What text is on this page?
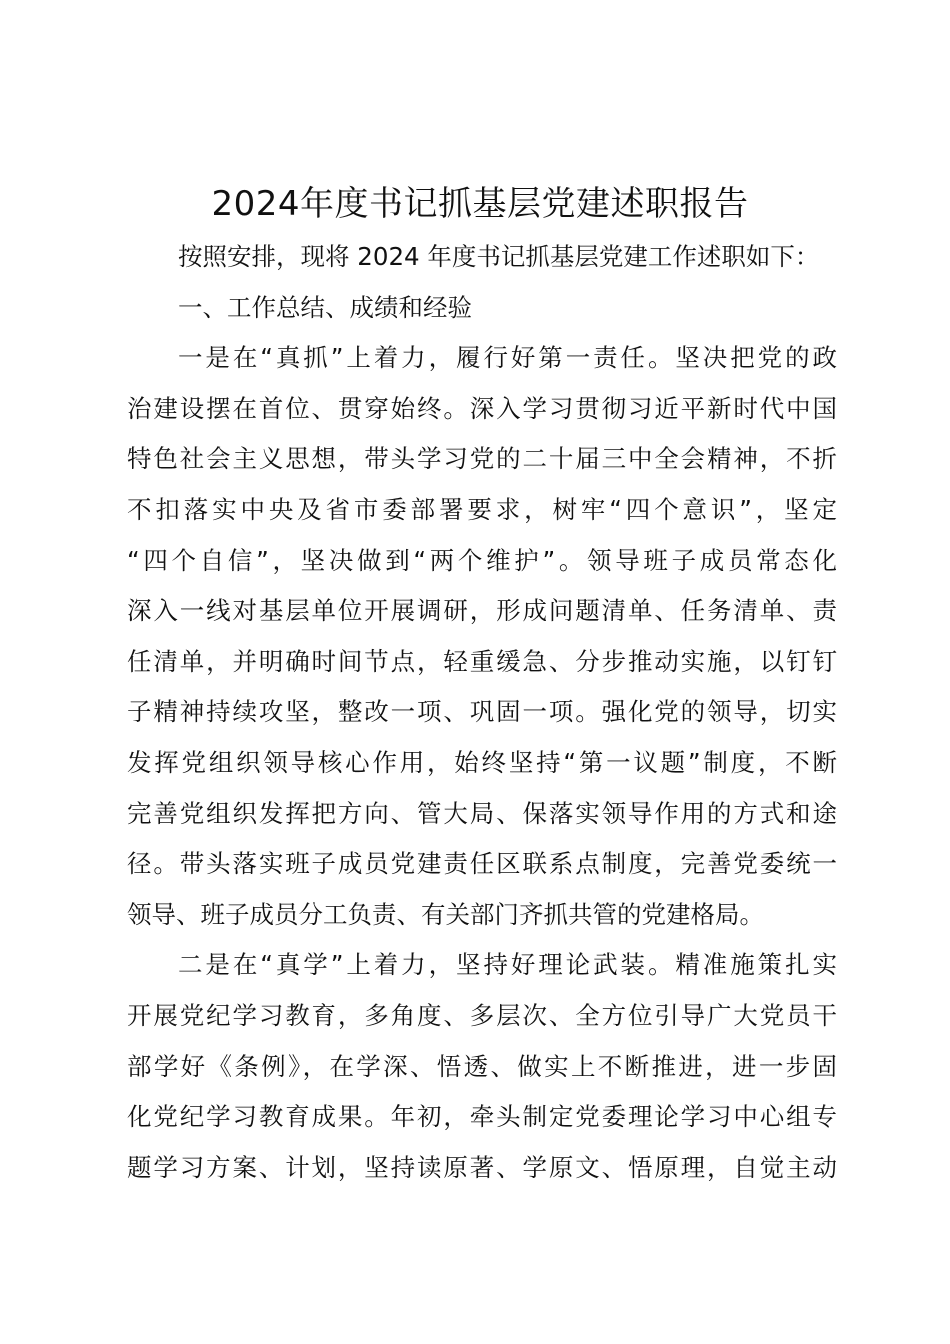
2024年度书记抓基层党建述职报告
按照安排，现将 2024 年度书记抓基层党建工作述职如下：
一、工作总结、成绩和经验
一是在“真抓”上着力，履行好第一责任。坚决把党的政
治建设摆在首位、贯穿始终。深入学习贯彻习近平新时代中国
特色社会主义思想，带头学习党的二十届三中全会精神，不折
不扣落实中央及省市委部署要求，树牢“四个意识”，坚定
“四个自信”，坚决做到“两个维护”。领导班子成员常态化
深入一线对基层单位开展调研，形成问题清单、任务清单、责
任清单，并明确时间节点，轻重缓急、分步推动实施，以钉钉
子精神持续攻坚，整改一项、巩固一项。强化党的领导，切实
发挥党组织领导核心作用，始终坚持“第一议题”制度，不断
完善党组织发挥把方向、管大局、保落实领导作用的方式和途
径。带头落实班子成员党建责任区联系点制度，完善党委统一
领导、班子成员分工负责、有关部门齐抓共管的党建格局。
二是在“真学”上着力，坚持好理论武装。精准施策扎实
开展党纪学习教育，多角度、多层次、全方位引导广大党员干
部学好《条例》，在学深、悟透、做实上不断推进，进一步固
化党纪学习教育成果。年初，牵头制定党委理论学习中心组专
题学习方案、计划，坚持读原著、学原文、悟原理，自觉主动
